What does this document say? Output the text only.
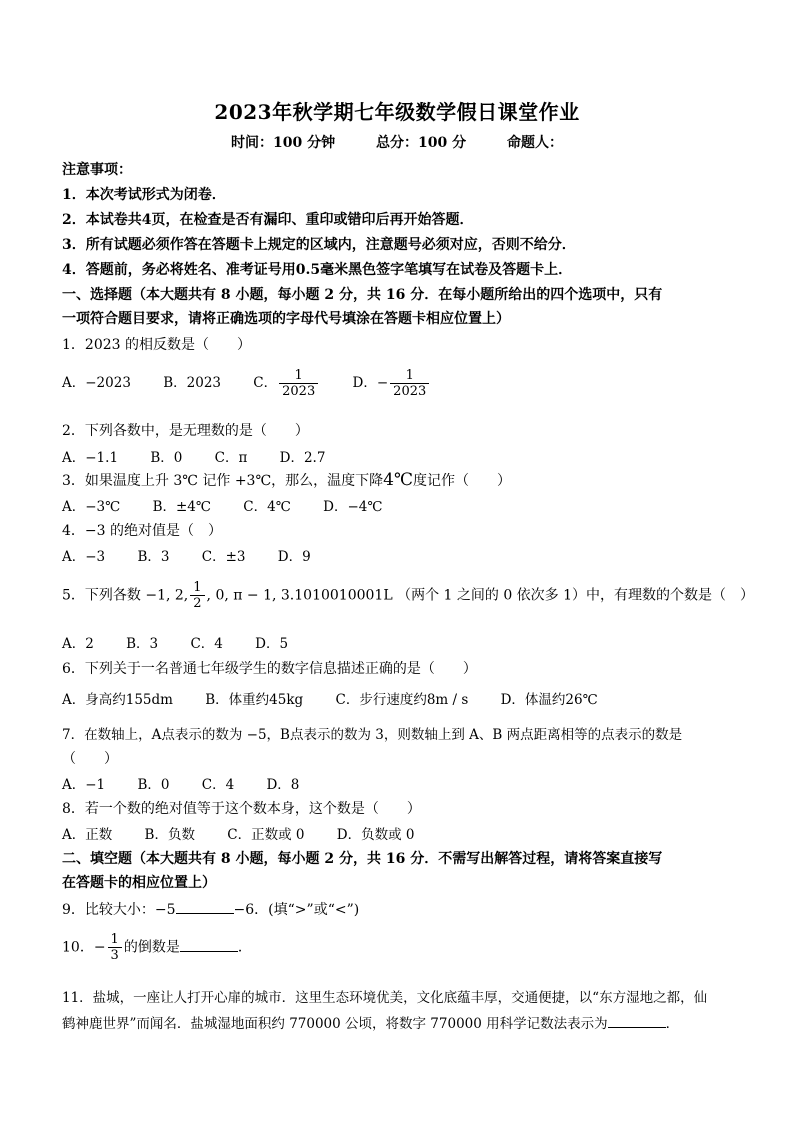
2023年秋学期七年级数学假日课堂作业
时间：100 分钟	总分：100 分	命题人：
注意事项：
1．本次考试形式为闭卷．
2．本试卷共4页，在检查是否有漏印、重印或错印后再开始答题．
3．所有试题必须作答在答题卡上规定的区域内，注意题号必须对应，否则不给分．
4．答题前，务必将姓名、准考证号用0.5毫米黑色签字笔填写在试卷及答题卡上．
一、选择题（本大题共有 8 小题，每小题 2 分，共 16 分．在每小题所给出的四个选项中，只有
一项符合题目要求，请将正确选项的字母代号填涂在答题卡相应位置上）
1．2023 的相反数是（　　）
A．−2023 B．2023 C． $\frac{1}{2023}$	D．− $\frac{1}{2023}$
2．下列各数中，是无理数的是（　　）
A．−1.1 B．0 C．π D．2.7
3．如果温度上升 3℃ 记作 +3℃，那么，温度下降4℃度记作（　　）
A．−3℃ B．±4℃ C．4℃ D．−4℃
4．−3 的绝对值是（　）
A．−3 B．3 C．±3 D．9
5．下列各数 −1, 2, $\frac{1}{2}$ , 0, π − 1, 3.1010010001L （两个 1 之间的 0 依次多 1）中，有理数的个数是（　）
A．2 B．3 C．4 D．5
6．下列关于一名普通七年级学生的数字信息描述正确的是（　　）
A．身高约155dm B．体重约45kg C．步行速度约8m / s D．体温约26℃
7．在数轴上，A点表示的数为 −5，B点表示的数为 3，则数轴上到 A、B 两点距离相等的点表示的数是
（　　）
A．−1 B．0 C．4 D．8
8．若一个数的绝对值等于这个数本身，这个数是（　　）
A．正数 B．负数 C．正数或 0 D．负数或 0
二、填空题（本大题共有 8 小题，每小题 2 分，共 16 分．不需写出解答过程，请将答案直接写
在答题卡的相应位置上）
9．比较大小：−5	−6．(填“>”或“<”)
10．− $\frac{1}{3}$ 的倒数是	．
11．盐城，一座让人打开心扉的城市．这里生态环境优美，文化底蕴丰厚，交通便捷，以“东方湿地之都，仙
鹤神鹿世界”而闻名．盐城湿地面积约 770000 公顷，将数字 770000 用科学记数法表示为	．
